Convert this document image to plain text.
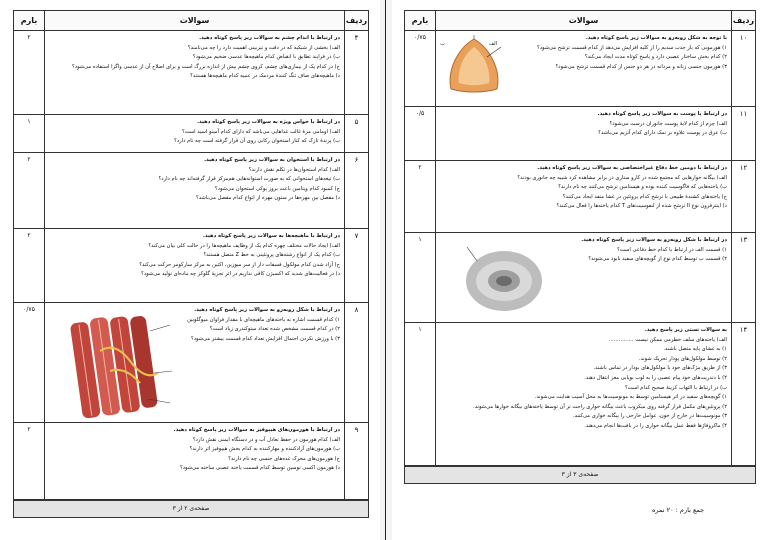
ردیف
سوالات
بارم
صفحه‌ی ۲ از ۳
۴
در ارتباط با اندام چشم به سوالات زیر پاسخ کوتاه دهید.
الف) بخشی از شبکیه که در دقت و تیزبینی اهمیت دارد را چه می‌نامند؟
ب) در فرایند تطابق با انقباض کدام ماهیچه‌ها عدسی ضخیم می‌شود؟
ج) در کدام یک از بیماری‌های چشم، کروی چشم بیش از اندازه بزرگ است و برای اصلاح آن از عدسی واگرا استفاده می‌شود؟
د) ماهیچه‌های صاف تنگ کنندهٔ مردمک در عنبیه کدام ماهیچه‌ها هستند؟
۲
۵
در ارتباط با حواس ویژه به سوالات زیر پاسخ کوتاه دهید.
الف) اومامی مزهٔ غالب غذاهایی می‌باشد که دارای کدام آمینو اسید است؟
ب) پرندهٔ تازک که کنار استخوان رکابی روی آن قرار گرفته است چه نام دارد؟
۱
۶
در ارتباط با استخوان به سوالات زیر پاسخ کوتاه دهید.
الف) کدام استخوان‌ها در تکلم نقش دارند؟
ب) تیغه‌های استخوانی که به صورت استوانه‌هایی هم‌مرکز قرار گرفته‌اند چه نام دارد؟
ج) کمبود کدام ویتامین باعث بروز پوکی استخوان می‌شود؟
د) مفصل بین مهره‌ها در ستون مهره از انواع کدام مفصل می‌باشد؟
۲
۷
در ارتباط با ماهیچه‌ها به سوالات زیر پاسخ کوتاه دهید.
الف) ایجاد حالات مختلف چهره کدام یک از وظایف ماهیچه‌ها را در حالت کلی بیان می‌کند؟
ب) کدام یک از انواع رشته‌های پروتئینی به خط Z متصل هستند؟
ج) آزاد شدن کدام مولکول فسفات دار از سر میوزین، اکتین به مرکز سارکومر حرکت می‌کند؟
د) در فعالیت‌های شدید که اکسیژن کافی نداریم در اثر تجزیهٔ گلوکز چه ماده‌ای تولید می‌شود؟
۲
۸
در ارتباط با شکل روبه‌رو به سوالات زیر پاسخ کوتاه دهید.
۱) کدام قسمت اشاره به یاخته‌های ماهیچه‌ای با مقدار فراوان میوگلوبین
۲) در کدام قسمت مشخص شده تعداد میتوکندری زیاد است؟
۳) با ورزش نکردن احتمال افزایش تعداد کدام قسمت بیشتر می‌شود؟
۰/۷۵
۹
در ارتباط با هورمون‌های هیپوفیز به سوالات زیر پاسخ کوتاه دهید.
الف) کدام هورمون در حفظ تعادل آب و در دستگاه ایمنی نقش دارد؟
ب) هورمون‌های آزادکننده و مهارکننده به کدام بخش هیپوفیز اثر دارند؟
ج) هورمون‌های محرک غده‌های جنسی چه نام دارند؟
د) هورمون اکسی توسین توسط کدام قسمت یاخته عصبی ساخته می‌شود؟
۲
ردیف
سوالات
بارم
صفحه‌ی ۳ از ۳
۱۰
با توجه به شکل روبه‌رو به سوالات زیر پاسخ کوتاه دهید.
۱) هورمونی که باز جذب سدیم را از کلیه افزایش می‌دهد از کدام قسمت ترشح می‌شود؟
۲) کدام بخش ساختار عصبی دارد و پاسخ کوتاه مدت ایجاد می‌کند؟
۳) هورمون جنسی زنانه و مردانه در هر دو جنس از کدام قسمت ترشح می‌شود؟
۰/۷۵
۱۱
در ارتباط با پوست به سوالات زیر پاسخ کوتاه دهید.
الف) چرم از کدام لایهٔ پوست جانوران درست می‌شود؟
ب) عرق در پوست علاوه بر نمک دارای کدام آنزیم می‌باشد؟
۰/۵
۱۲
در ارتباط با دومین خط دفاع غیراختصاصی به سوالات زیر پاسخ کوتاه دهید.
الف) بیگانه خوارهایی که مجتمع شده در کارو ستاری در برابر مشاهده کرد شبیه چه جانوری بودند؟
ب) یاخته‌هایی که فاگوسیت کننده بوده و هیستامین ترشح می‌کنند چه نام دارند؟
ج) یاخته‌های کشندهٔ طبیعی با ترشح کدام پروتئین در غشا منفذ ایجاد می‌کنند؟
د) اینترفرون نوع II ترشح شده از لنفوسیت‌های T کدام یاخته‌ها را فعال می‌کنند؟
۲
۱۳
در ارتباط با شکل روبه‌رو به سوالات زیر پاسخ کوتاه دهید.
۱) قسمت الف در ارتباط با کدام خط دفاعی است؟
۲) قسمت ب توسط کدام نوع از گویچه‌های سفید نابود می‌شوند؟
۱
۱۴
به سوالات تستی زیر پاسخ دهید.
الف) یاخته‌های سلف خطرمی ممکن نیست ...............
۱) به غشای پایه متصل باشند.
۲) توسط مولکول‌های پودار تحریک شوند.
۳) از طریق مژک‌های خود با مولکول‌های بودار در تماس باشند.
۴) با دندریت‌های خود پیام عصبی را به لوب بویایی مغز انتقال دهند.
ب) در ارتباط با التهاب کزینهٔ صحیح کدام است؟
۱) گویچه‌های سفید در اثر هیستامین توسط به مونوسیت‌ها به محل آسیب هدایت می‌شوند.
۲) پروتئین‌های مکمل قرار گرفته روی میکروب باعث بیگانه خواری راحت تر آن توسط یاخته‌های بیگانه خوارها می‌شوند.
۳) مونوسیت‌ها در خارج از خون، عوامل خارجی را بیگانه خواری می‌کنند.
۴) ماکروفاژها فقط عمل بیگانه خواری را در بافت‌ها انجام می‌دهند.
۱
الف
ب
جمع بارم : ۲۰ نمره
